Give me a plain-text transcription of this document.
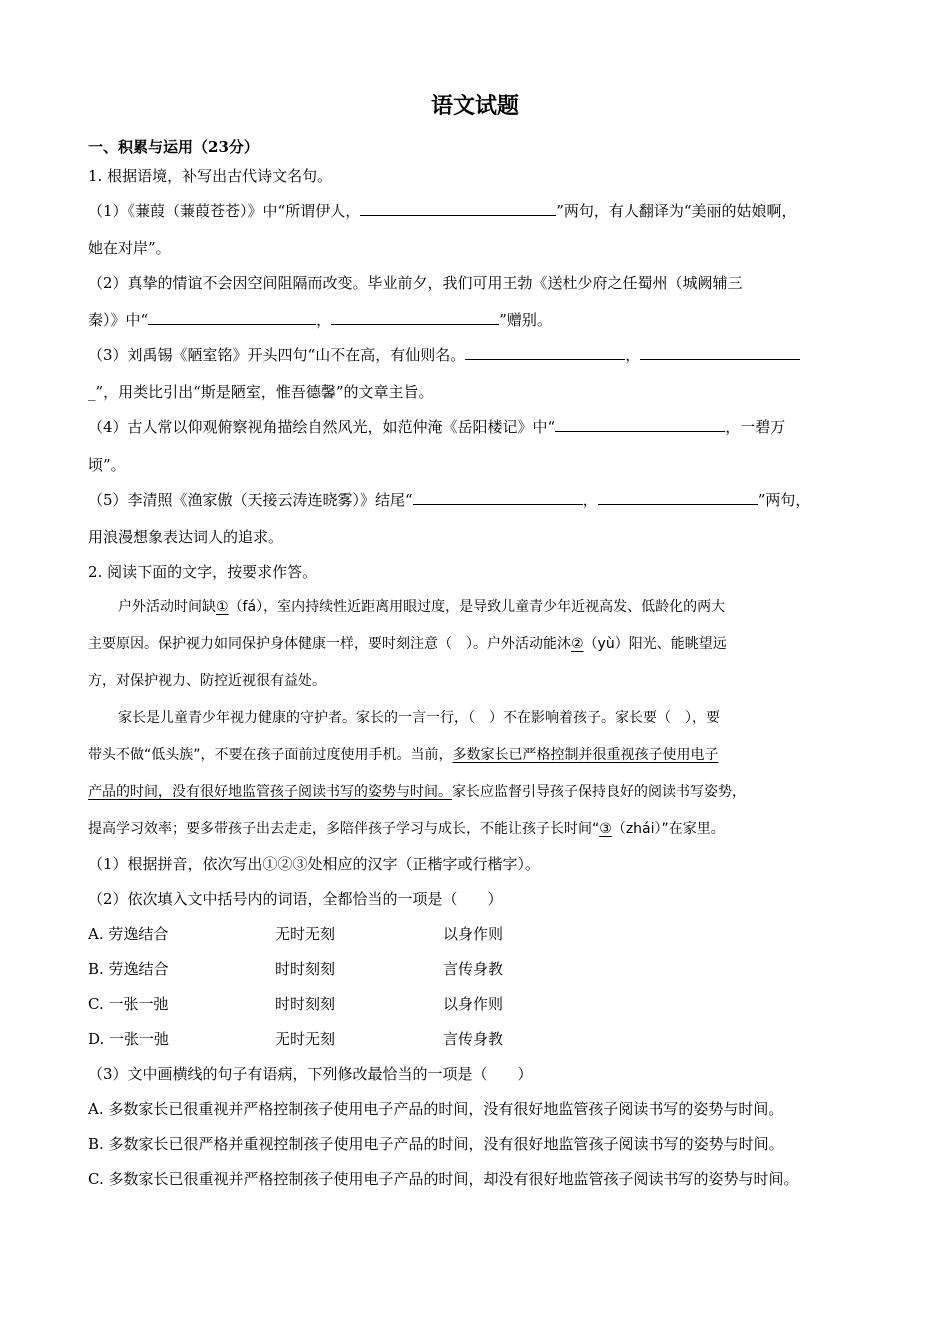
语文试题
一、积累与运用（23分）
1. 根据语境，补写出古代诗文名句。
（1）《蒹葭（蒹葭苍苍）》中“所谓伊人，	”两句，有人翻译为“美丽的姑娘啊，
她在对岸”。
（2）真挚的情谊不会因空间阻隔而改变。毕业前夕，我们可用王勃《送杜少府之任蜀州（城阙辅三
秦）》中“	，	”赠别。
（3）刘禹锡《陋室铭》开头四句“山不在高，有仙则名。	，
_”，用类比引出“斯是陋室，惟吾德馨”的文章主旨。
（4）古人常以仰观俯察视角描绘自然风光，如范仲淹《岳阳楼记》中“	，一碧万
顷”。
（5）李清照《渔家傲（天接云涛连晓雾）》结尾“	，	”两句，
用浪漫想象表达词人的追求。
2. 阅读下面的文字，按要求作答。
户外活动时间缺①（fá），室内持续性近距离用眼过度，是导致儿童青少年近视高发、低龄化的两大
主要原因。保护视力如同保护身体健康一样，要时刻注意（　）。户外活动能沐②（yù）阳光、能眺望远
方，对保护视力、防控近视很有益处。
家长是儿童青少年视力健康的守护者。家长的一言一行，（　）不在影响着孩子。家长要（　），要
带头不做“低头族”，不要在孩子面前过度使用手机。当前，多数家长已严格控制并很重视孩子使用电子
产品的时间，没有很好地监管孩子阅读书写的姿势与时间。家长应监督引导孩子保持良好的阅读书写姿势，
提高学习效率；要多带孩子出去走走，多陪伴孩子学习与成长，不能让孩子长时间“③（zhái）”在家里。
（1）根据拼音，依次写出①②③处相应的汉字（正楷字或行楷字）。
（2）依次填入文中括号内的词语，全都恰当的一项是（　　）
A. 劳逸结合	无时无刻	以身作则
B. 劳逸结合	时时刻刻	言传身教
C. 一张一弛	时时刻刻	以身作则
D. 一张一弛	无时无刻	言传身教
（3）文中画横线的句子有语病，下列修改最恰当的一项是（　　）
A. 多数家长已很重视并严格控制孩子使用电子产品的时间，没有很好地监管孩子阅读书写的姿势与时间。
B. 多数家长已很严格并重视控制孩子使用电子产品的时间，没有很好地监管孩子阅读书写的姿势与时间。
C. 多数家长已很重视并严格控制孩子使用电子产品的时间，却没有很好地监管孩子阅读书写的姿势与时间。
